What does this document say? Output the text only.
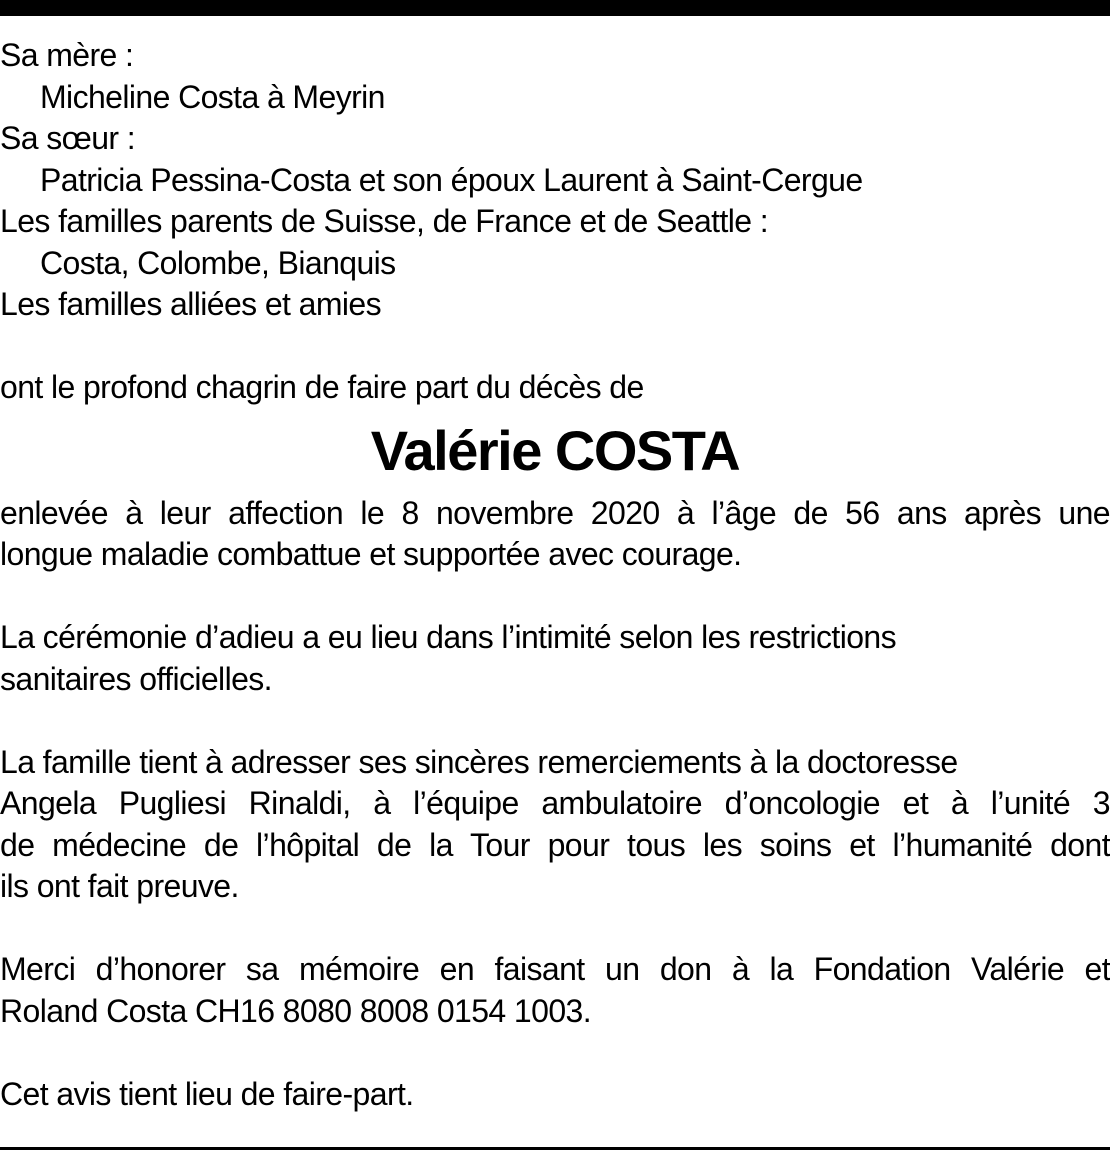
Sa mère :
Micheline Costa à Meyrin
Sa sœur :
Patricia Pessina-Costa et son époux Laurent à Saint-Cergue
Les familles parents de Suisse, de France et de Seattle :
Costa, Colombe, Bianquis
Les familles alliées et amies
ont le profond chagrin de faire part du décès de
Valérie COSTA
enlevée à leur affection le 8 novembre 2020 à l’âge de 56 ans après une
longue maladie combattue et supportée avec courage.
La cérémonie d’adieu a eu lieu dans l’intimité selon les restrictions
sanitaires officielles.
La famille tient à adresser ses sincères remerciements à la doctoresse
Angela Pugliesi Rinaldi, à l’équipe ambulatoire d’oncologie et à l’unité 3
de médecine de l’hôpital de la Tour pour tous les soins et l’humanité dont
ils ont fait preuve.
Merci d’honorer sa mémoire en faisant un don à la Fondation Valérie et
Roland Costa CH16 8080 8008 0154 1003.
Cet avis tient lieu de faire-part.
